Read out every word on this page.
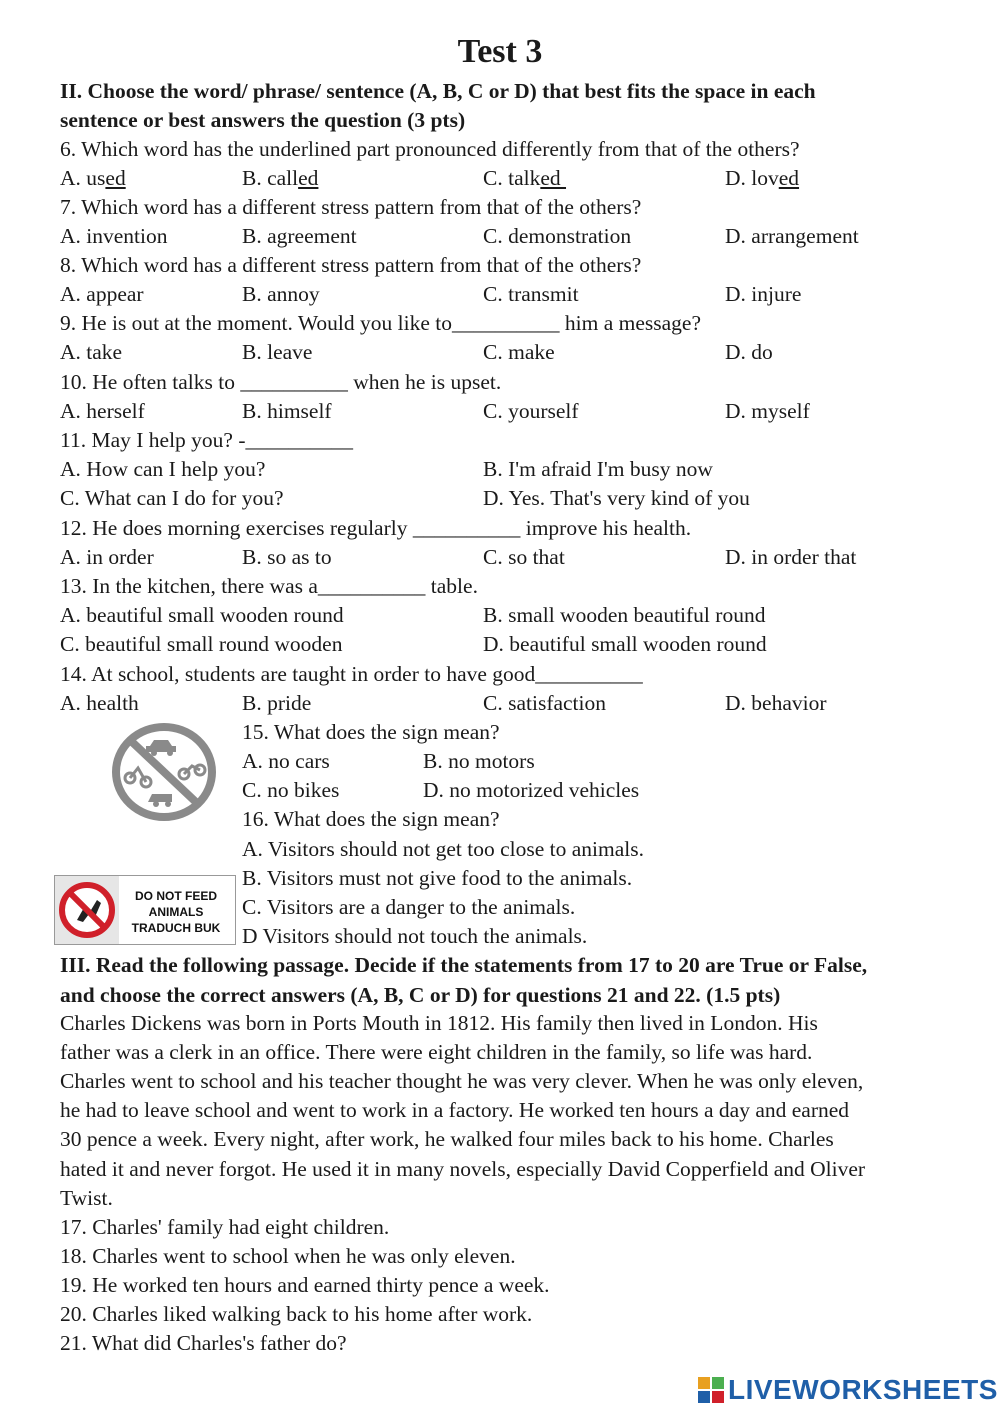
Test 3
II. Choose the word/ phrase/ sentence (A, B, C or D) that best fits the space in each
sentence or best answers the question (3 pts)
6. Which word has the underlined part pronounced differently from that of the others?
A. used	B. called	C. talked	D. loved
7. Which word has a different stress pattern from that of the others?
A. invention	B. agreement	C. demonstration	D. arrangement
8. Which word has a different stress pattern from that of the others?
A. appear	B. annoy	C. transmit	D. injure
9. He is out at the moment. Would you like to__________ him a message?
A. take	B. leave	C. make	D. do
10. He often talks to __________ when he is upset.
A. herself	B. himself	C. yourself	D. myself
11. May I help you? -__________
A. How can I help you?	B. I'm afraid I'm busy now
C. What can I do for you?	D. Yes. That's very kind of you
12. He does morning exercises regularly __________ improve his health.
A. in order	B. so as to	C. so that	D. in order that
13. In the kitchen, there was a__________ table.
A. beautiful small wooden round	B. small wooden beautiful round
C. beautiful small round wooden	D. beautiful small wooden round
14. At school, students are taught in order to have good__________
A. health	B. pride	C. satisfaction	D. behavior
15. What does the sign mean?
A. no cars	B. no motors
C. no bikes	D. no motorized vehicles
16. What does the sign mean?
A. Visitors should not get too close to animals.
B. Visitors must not give food to the animals.
C. Visitors are a danger to the animals.
D Visitors should not touch the animals.
DO NOT FEED
ANIMALS
TRADUCH BUK
III. Read the following passage. Decide if the statements from 17 to 20 are True or False,
and choose the correct answers (A, B, C or D) for questions 21 and 22. (1.5 pts)
Charles Dickens was born in Ports Mouth in 1812. His family then lived in London. His
father was a clerk in an office. There were eight children in the family, so life was hard.
Charles went to school and his teacher thought he was very clever. When he was only eleven,
he had to leave school and went to work in a factory. He worked ten hours a day and earned
30 pence a week. Every night, after work, he walked four miles back to his home. Charles
hated it and never forgot. He used it in many novels, especially David Copperfield and Oliver
Twist.
17. Charles' family had eight children.
18. Charles went to school when he was only eleven.
19. He worked ten hours and earned thirty pence a week.
20. Charles liked walking back to his home after work.
21. What did Charles's father do?
LIVEWORKSHEETS
